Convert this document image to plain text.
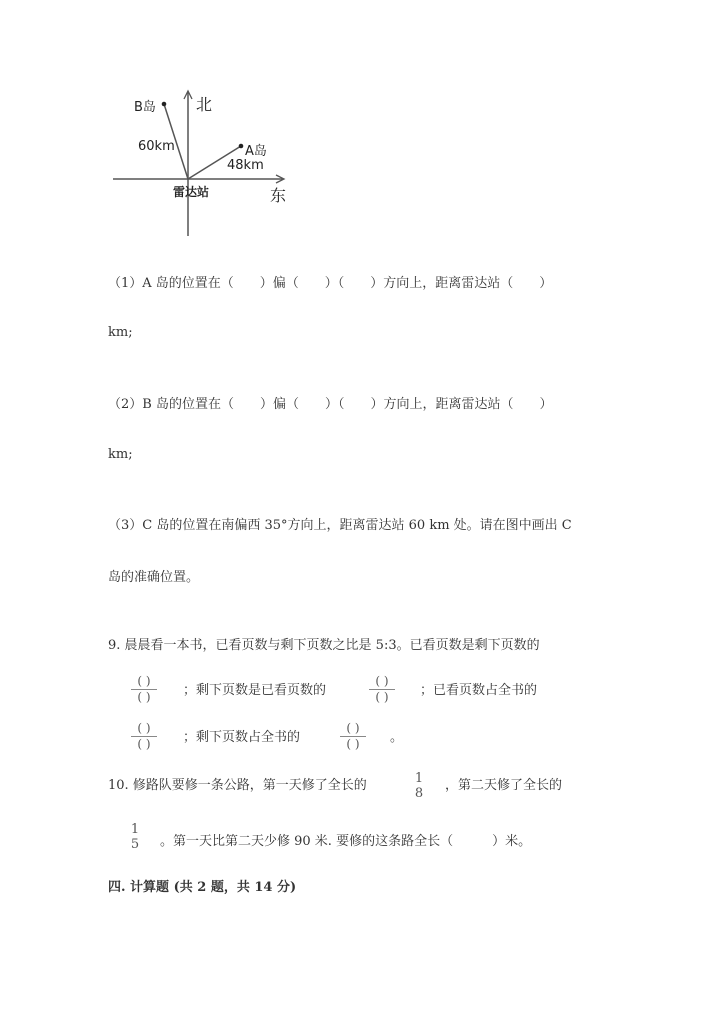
B岛	北
60km	A岛
48km
雷达站	东
（1）A 岛的位置在（　　）偏（　　）（　　）方向上，距离雷达站（　　）
km;
（2）B 岛的位置在（　　）偏（　　）（　　）方向上，距离雷达站（　　）
km;
（3）C 岛的位置在南偏西 35°方向上，距离雷达站 60 km 处。请在图中画出 C
岛的准确位置。
9. 晨晨看一本书，已看页数与剩下页数之比是 5:3。已看页数是剩下页数的
( )
( )	；剩下页数是已看页数的
( )
( )	；已看页数占全书的
( )
( )	；剩下页数占全书的
( )
( )	。
10. 修路队要修一条公路，第一天修了全长的	1
8
，第二天修了全长的
1
5	。第一天比第二天少修 90 米. 要修的这条路全长（　　　）米。
四. 计算题 (共 2 题，共 14 分)
